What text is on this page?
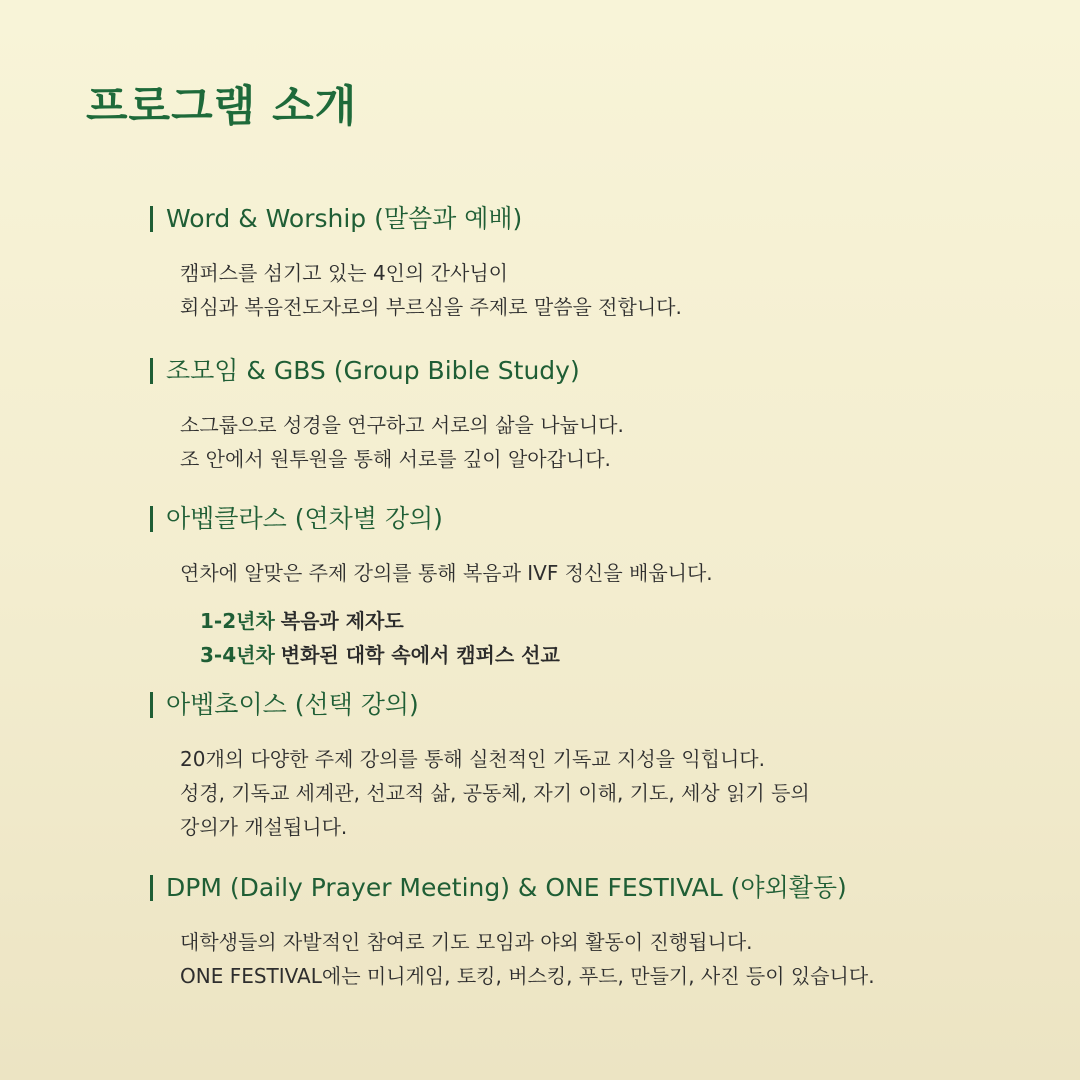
프로그램 소개
Word & Worship (말씀과 예배)
캠퍼스를 섬기고 있는 4인의 간사님이
회심과 복음전도자로의 부르심을 주제로 말씀을 전합니다.
조모임 & GBS (Group Bible Study)
소그룹으로 성경을 연구하고 서로의 삶을 나눕니다.
조 안에서 원투원을 통해 서로를 깊이 알아갑니다.
아벱클라스 (연차별 강의)
연차에 알맞은 주제 강의를 통해 복음과 IVF 정신을 배웁니다.
1-2년차 복음과 제자도
3-4년차 변화된 대학 속에서 캠퍼스 선교
아벱초이스 (선택 강의)
20개의 다양한 주제 강의를 통해 실천적인 기독교 지성을 익힙니다.
성경, 기독교 세계관, 선교적 삶, 공동체, 자기 이해, 기도, 세상 읽기 등의
강의가 개설됩니다.
DPM (Daily Prayer Meeting) & ONE FESTIVAL (야외활동)
대학생들의 자발적인 참여로 기도 모임과 야외 활동이 진행됩니다.
ONE FESTIVAL에는 미니게임, 토킹, 버스킹, 푸드, 만들기, 사진 등이 있습니다.
